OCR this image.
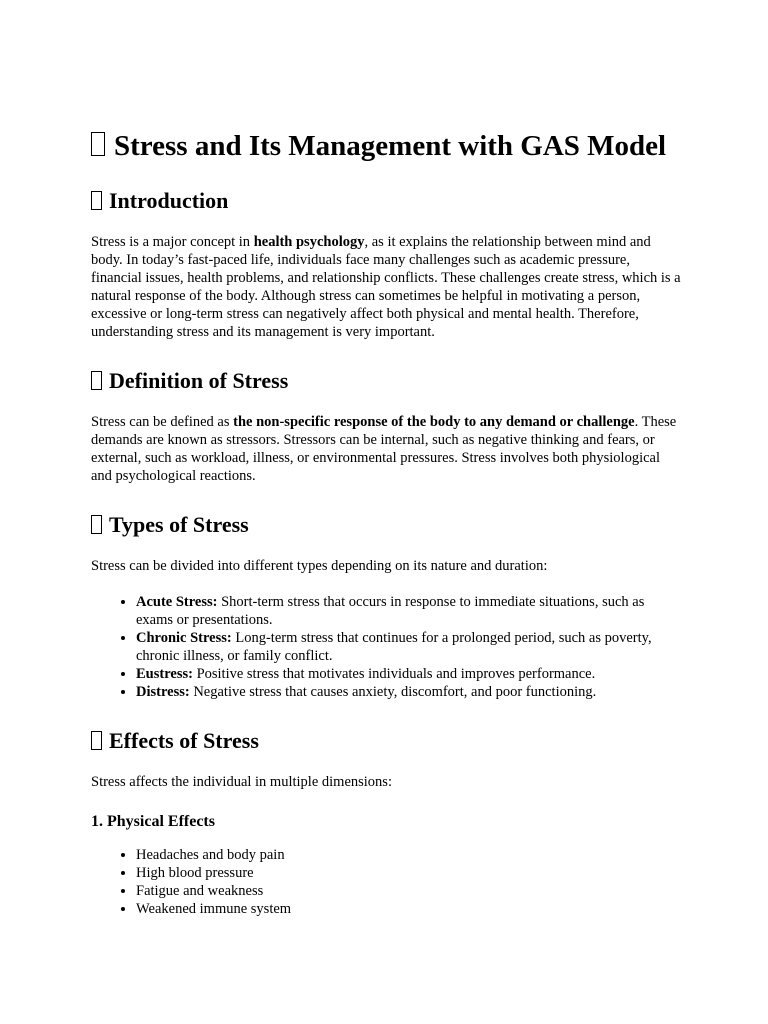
Stress and Its Management with GAS Model
Introduction

Stress is a major concept in health psychology, as it explains the relationship between mind and body. In today’s fast-paced life, individuals face many challenges such as academic pressure, financial issues, health problems, and relationship conflicts. These challenges create stress, which is a natural response of the body. Although stress can sometimes be helpful in motivating a person, excessive or long-term stress can negatively affect both physical and mental health. Therefore, understanding stress and its management is very important.

Definition of Stress

Stress can be defined as the non-specific response of the body to any demand or challenge. These demands are known as stressors. Stressors can be internal, such as negative thinking and fears, or external, such as workload, illness, or environmental pressures. Stress involves both physiological and psychological reactions.

Types of Stress

Stress can be divided into different types depending on its nature and duration:

• Acute Stress: Short-term stress that occurs in response to immediate situations, such as exams or presentations.
• Chronic Stress: Long-term stress that continues for a prolonged period, such as poverty, chronic illness, or family conflict.
• Eustress: Positive stress that motivates individuals and improves performance.
• Distress: Negative stress that causes anxiety, discomfort, and poor functioning.
Effects of Stress

Stress affects the individual in multiple dimensions:

1. Physical Effects
• Headaches and body pain
• High blood pressure
• Fatigue and weakness
• Weakened immune system
